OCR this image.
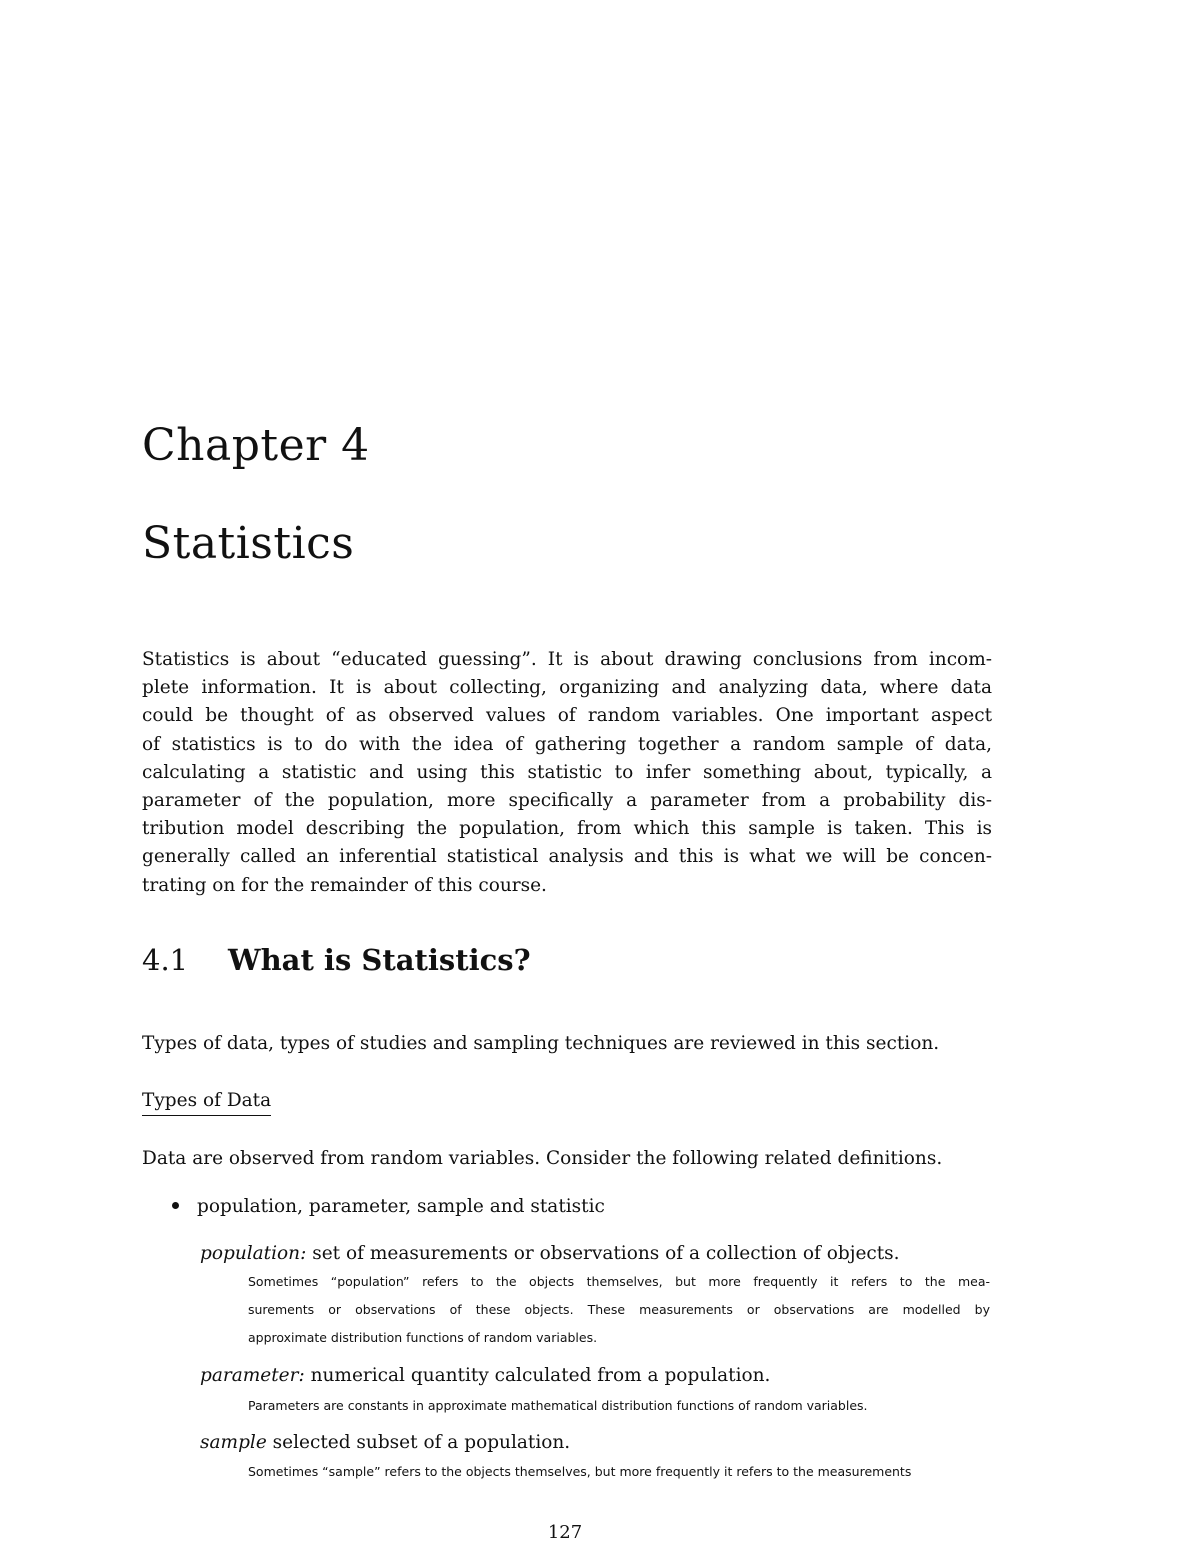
Chapter 4
Statistics
Statistics is about “educated guessing”. It is about drawing conclusions from incom-
plete information. It is about collecting, organizing and analyzing data, where data
could be thought of as observed values of random variables. One important aspect
of statistics is to do with the idea of gathering together a random sample of data,
calculating a statistic and using this statistic to infer something about, typically, a
parameter of the population, more specifically a parameter from a probability dis-
tribution model describing the population, from which this sample is taken. This is
generally called an inferential statistical analysis and this is what we will be concen-
trating on for the remainder of this course.
4.1 What is Statistics?
Types of data, types of studies and sampling techniques are reviewed in this section.
Types of Data
Data are observed from random variables. Consider the following related definitions.
population, parameter, sample and statistic
population: set of measurements or observations of a collection of objects.
Sometimes “population” refers to the objects themselves, but more frequently it refers to the mea-
surements or observations of these objects. These measurements or observations are modelled by
approximate distribution functions of random variables.
parameter: numerical quantity calculated from a population.
Parameters are constants in approximate mathematical distribution functions of random variables.
sample selected subset of a population.
Sometimes “sample” refers to the objects themselves, but more frequently it refers to the measurements
127
